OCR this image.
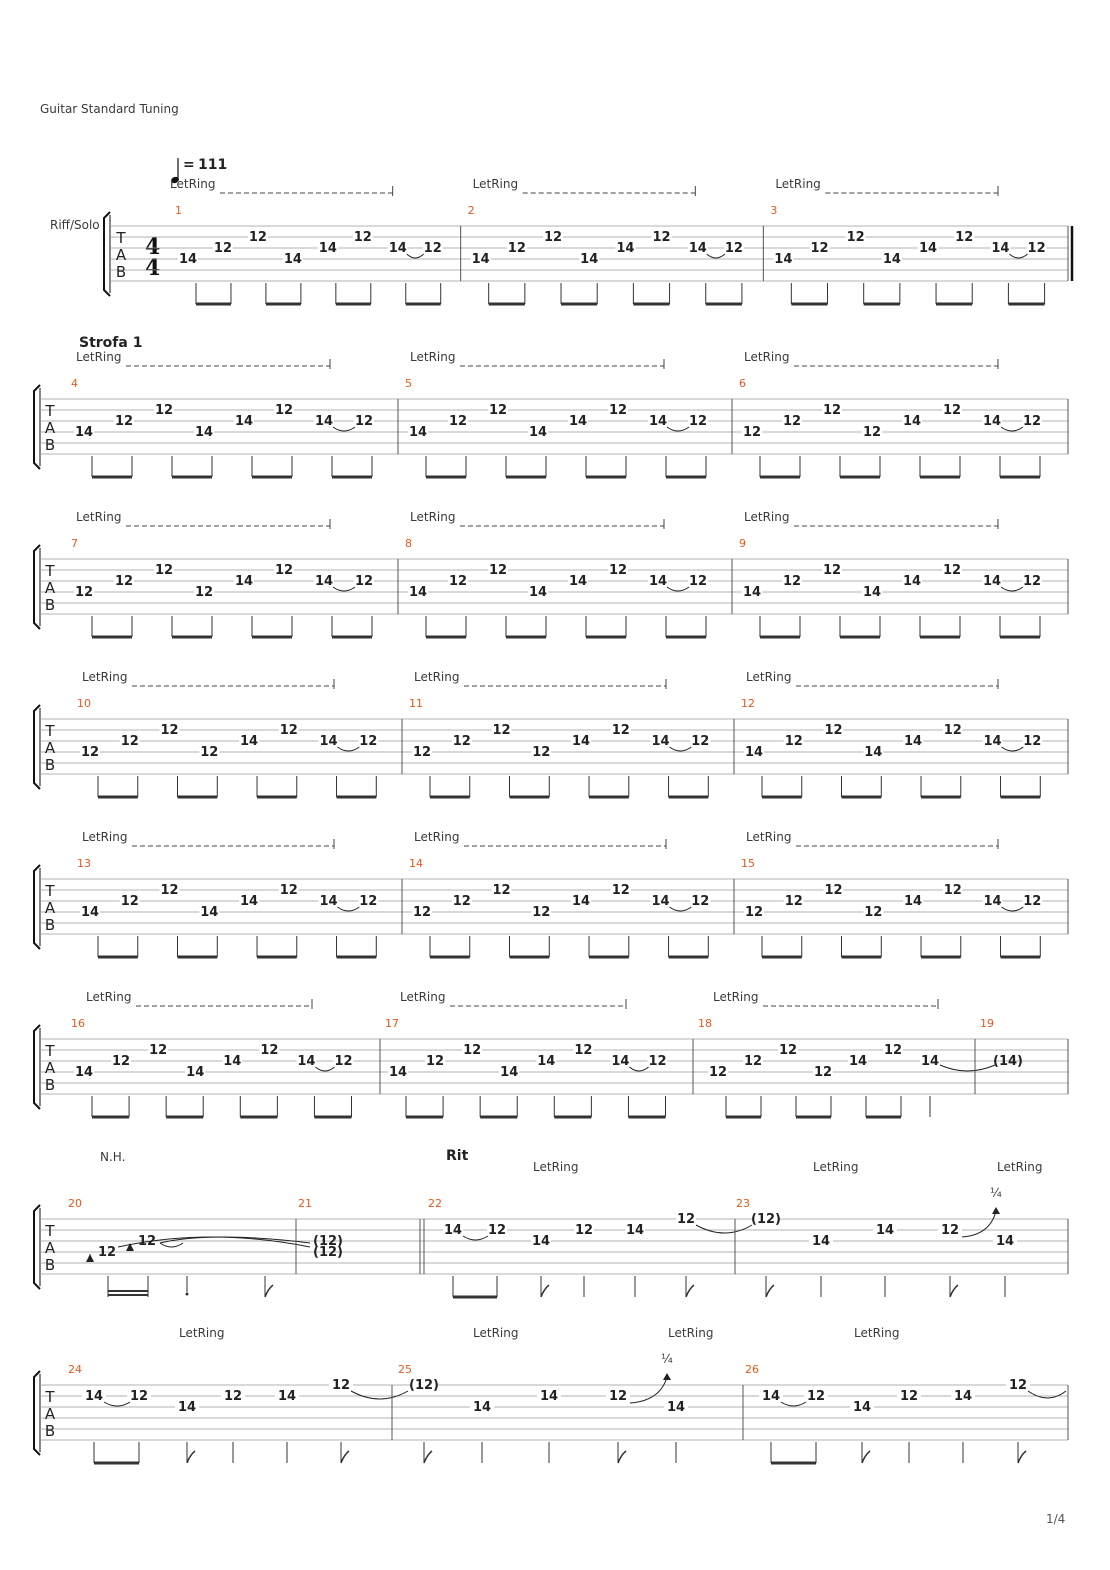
Guitar Standard Tuning
= 111
Riff/Solo
4
4
Strofa 1
Rit
N.H.
1/4
T
A
B
1
14
12
12
14
14
12
14 12
LetRing
2
14
12
12
14
14
12
14 12
LetRing
3
14
12
12
14
14
12
14 12
LetRing
T
A
B
4
14
12
12
14
14
12
14 12
LetRing
5
14
12
12
14
14
12
14 12
LetRing
6
12
12
12
12
14
12
14 12
LetRing
T
A
B
7
12
12
12
12
14
12
14 12
LetRing
8
14
12
12
14
14
12
14 12
LetRing
9
14
12
12
14
14
12
14 12
LetRing
T
A
B
10
12
12
12
12
14
12
14 12
LetRing
11
12
12
12
12
14
12
14 12
LetRing
12
14
12
12
14
14
12
14 12
LetRing
T
A
B
13
14
12
12
14
14
12
14 12
LetRing
14
12
12
12
12
14
12
14 12
LetRing
15
12
12
12
12
14
12
14 12
LetRing
T
A
B
16
14
12
12
14
14
12
14 12
LetRing
17
14
12
12
14
14
12
14 12
LetRing
18
12
12
12
12
14
12
14
LetRing
19
(14)
T
A
B
20
12
12
21
(12)
(12)
22
14 12
14
12	14
12
LetRing
23
(12)
14
14	12
14
¼
LetRing	LetRing
T
A
B
14 12
14
12	14
12
24
LetRing
(12)
14
14	12
14
25
¼
LetRing	LetRing
14 12
14
12	14
12
26
LetRing
